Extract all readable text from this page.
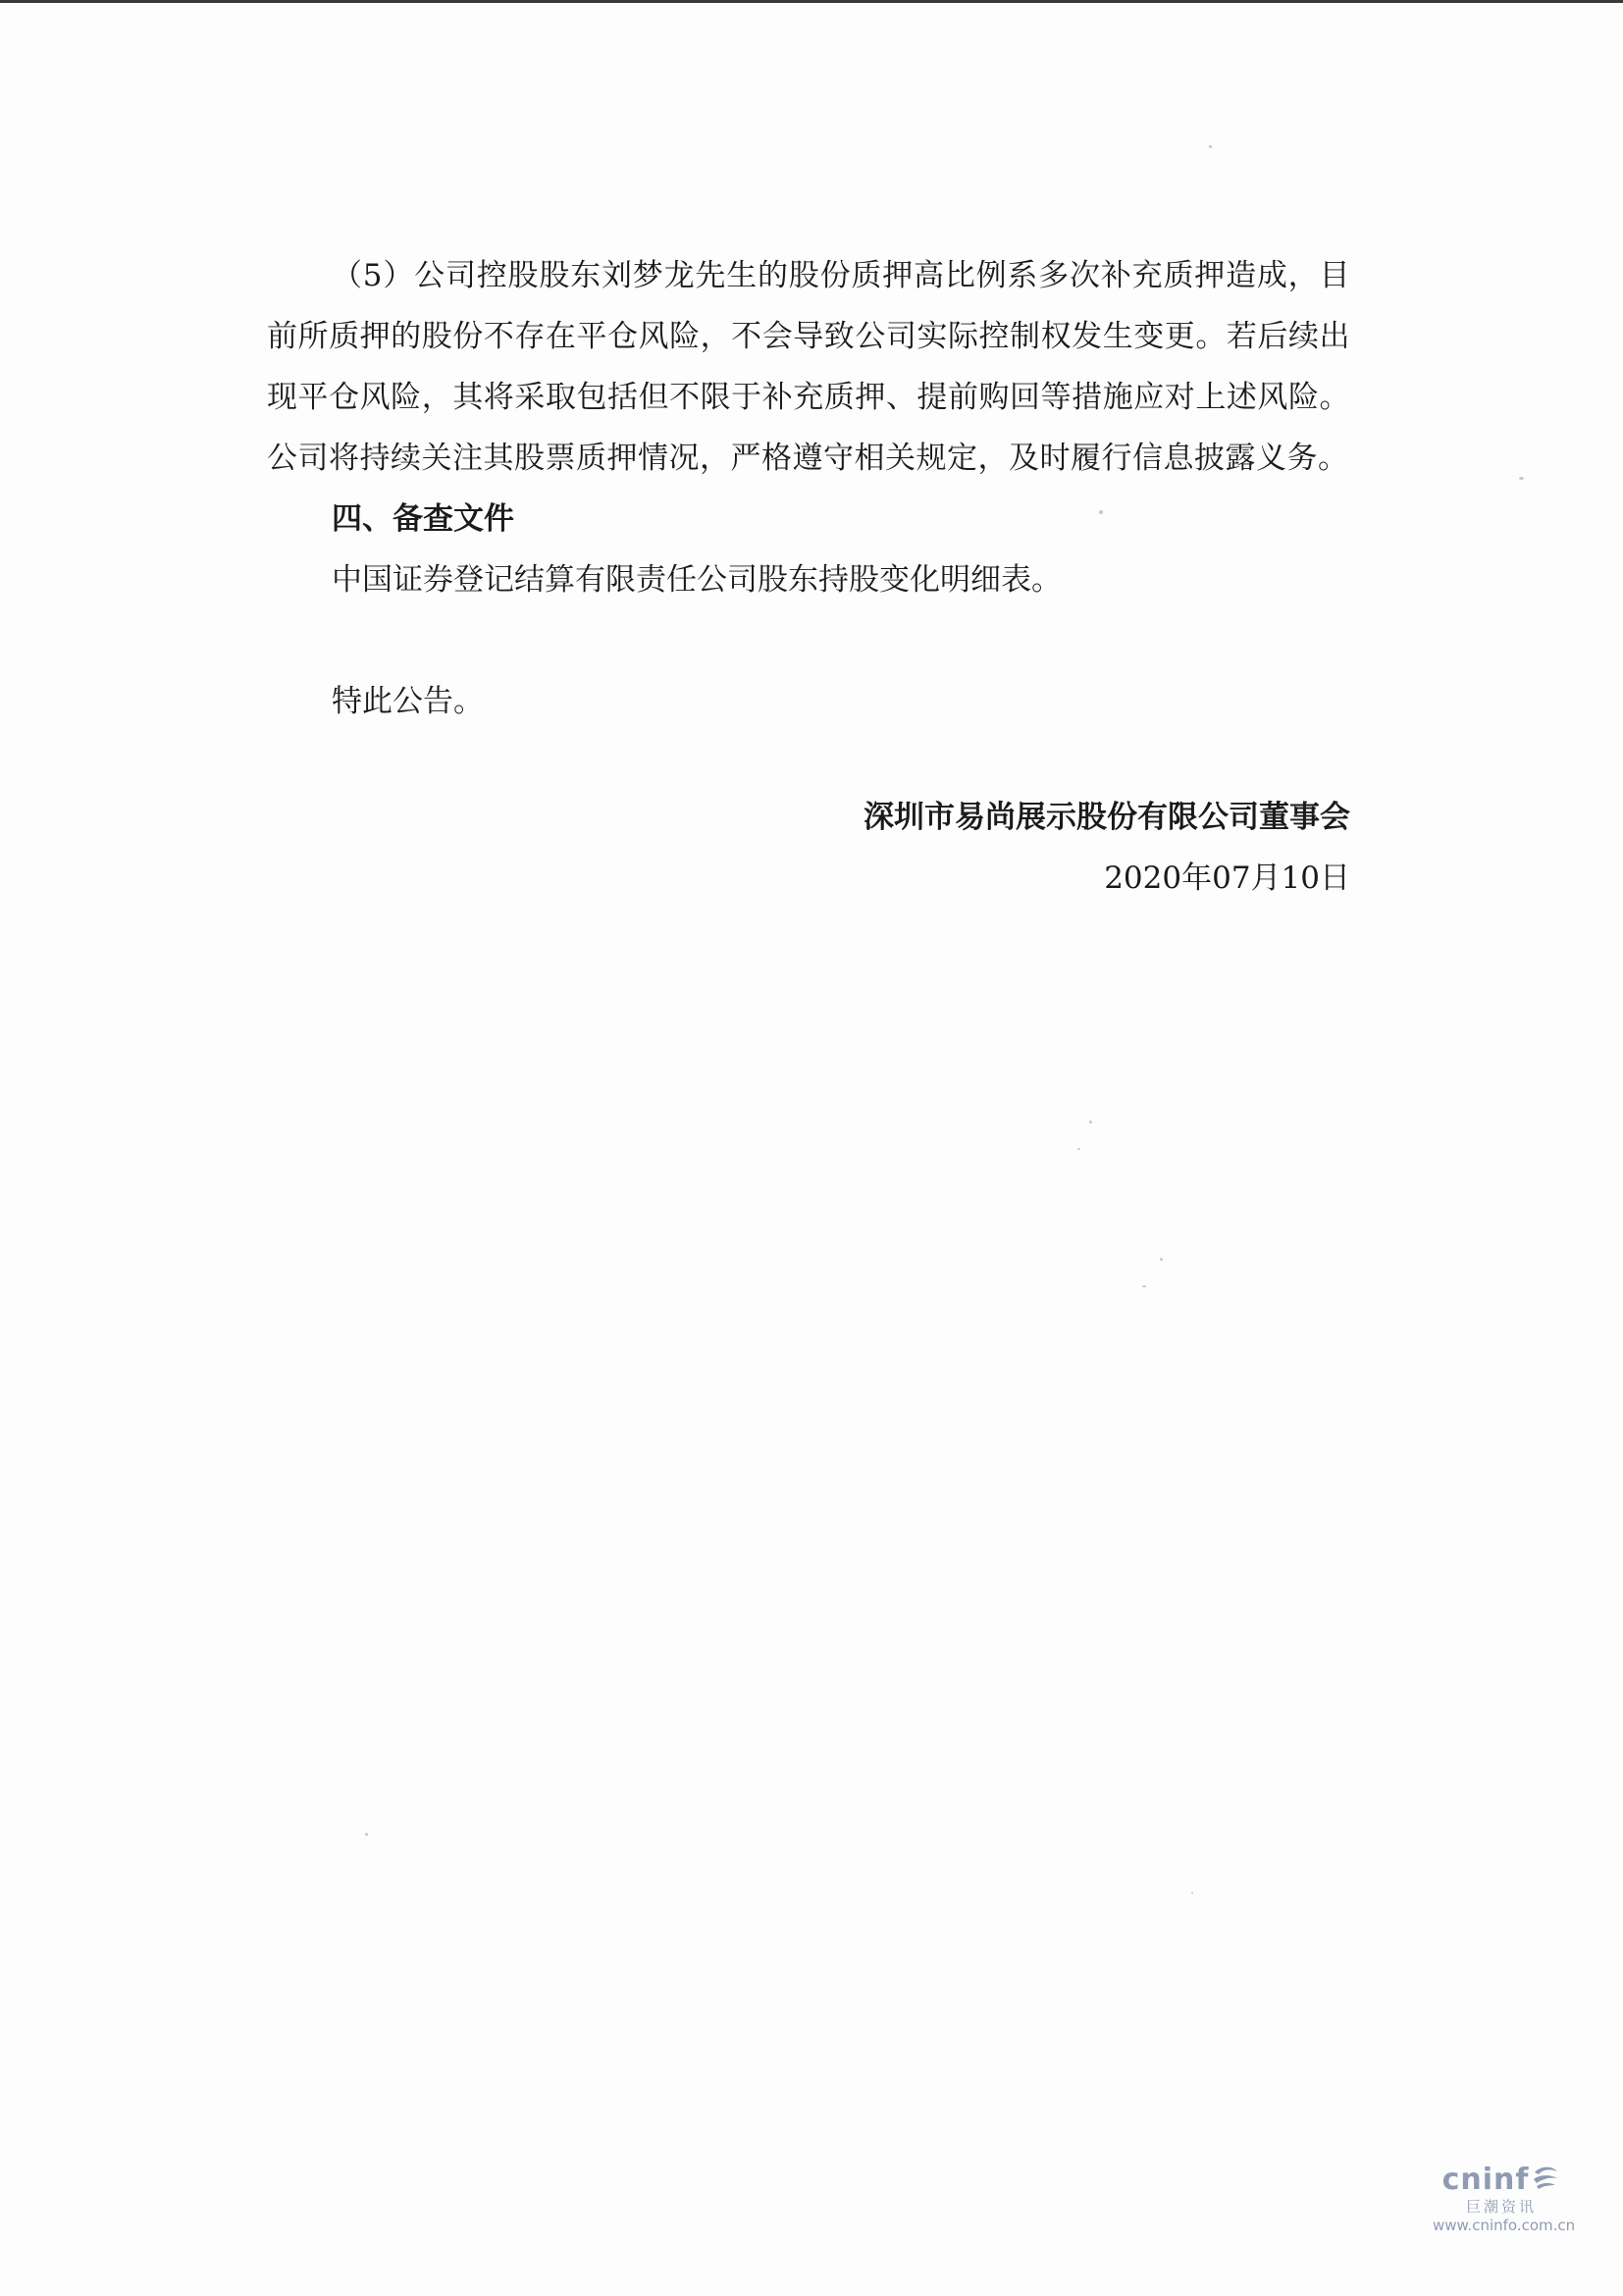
（5）公司控股股东刘梦龙先生的股份质押高比例系多次补充质押造成，目前所质押的股份不存在平仓风险，不会导致公司实际控制权发生变更。若后续出现平仓风险，其将采取包括但不限于补充质押、提前购回等措施应对上述风险。公司将持续关注其股票质押情况，严格遵守相关规定，及时履行信息披露义务。

四、备查文件

中国证券登记结算有限责任公司股东持股变化明细表。

特此公告。

深圳市易尚展示股份有限公司董事会

2020年07月10日

cninf
巨潮资讯
www.cninfo.com.cn
